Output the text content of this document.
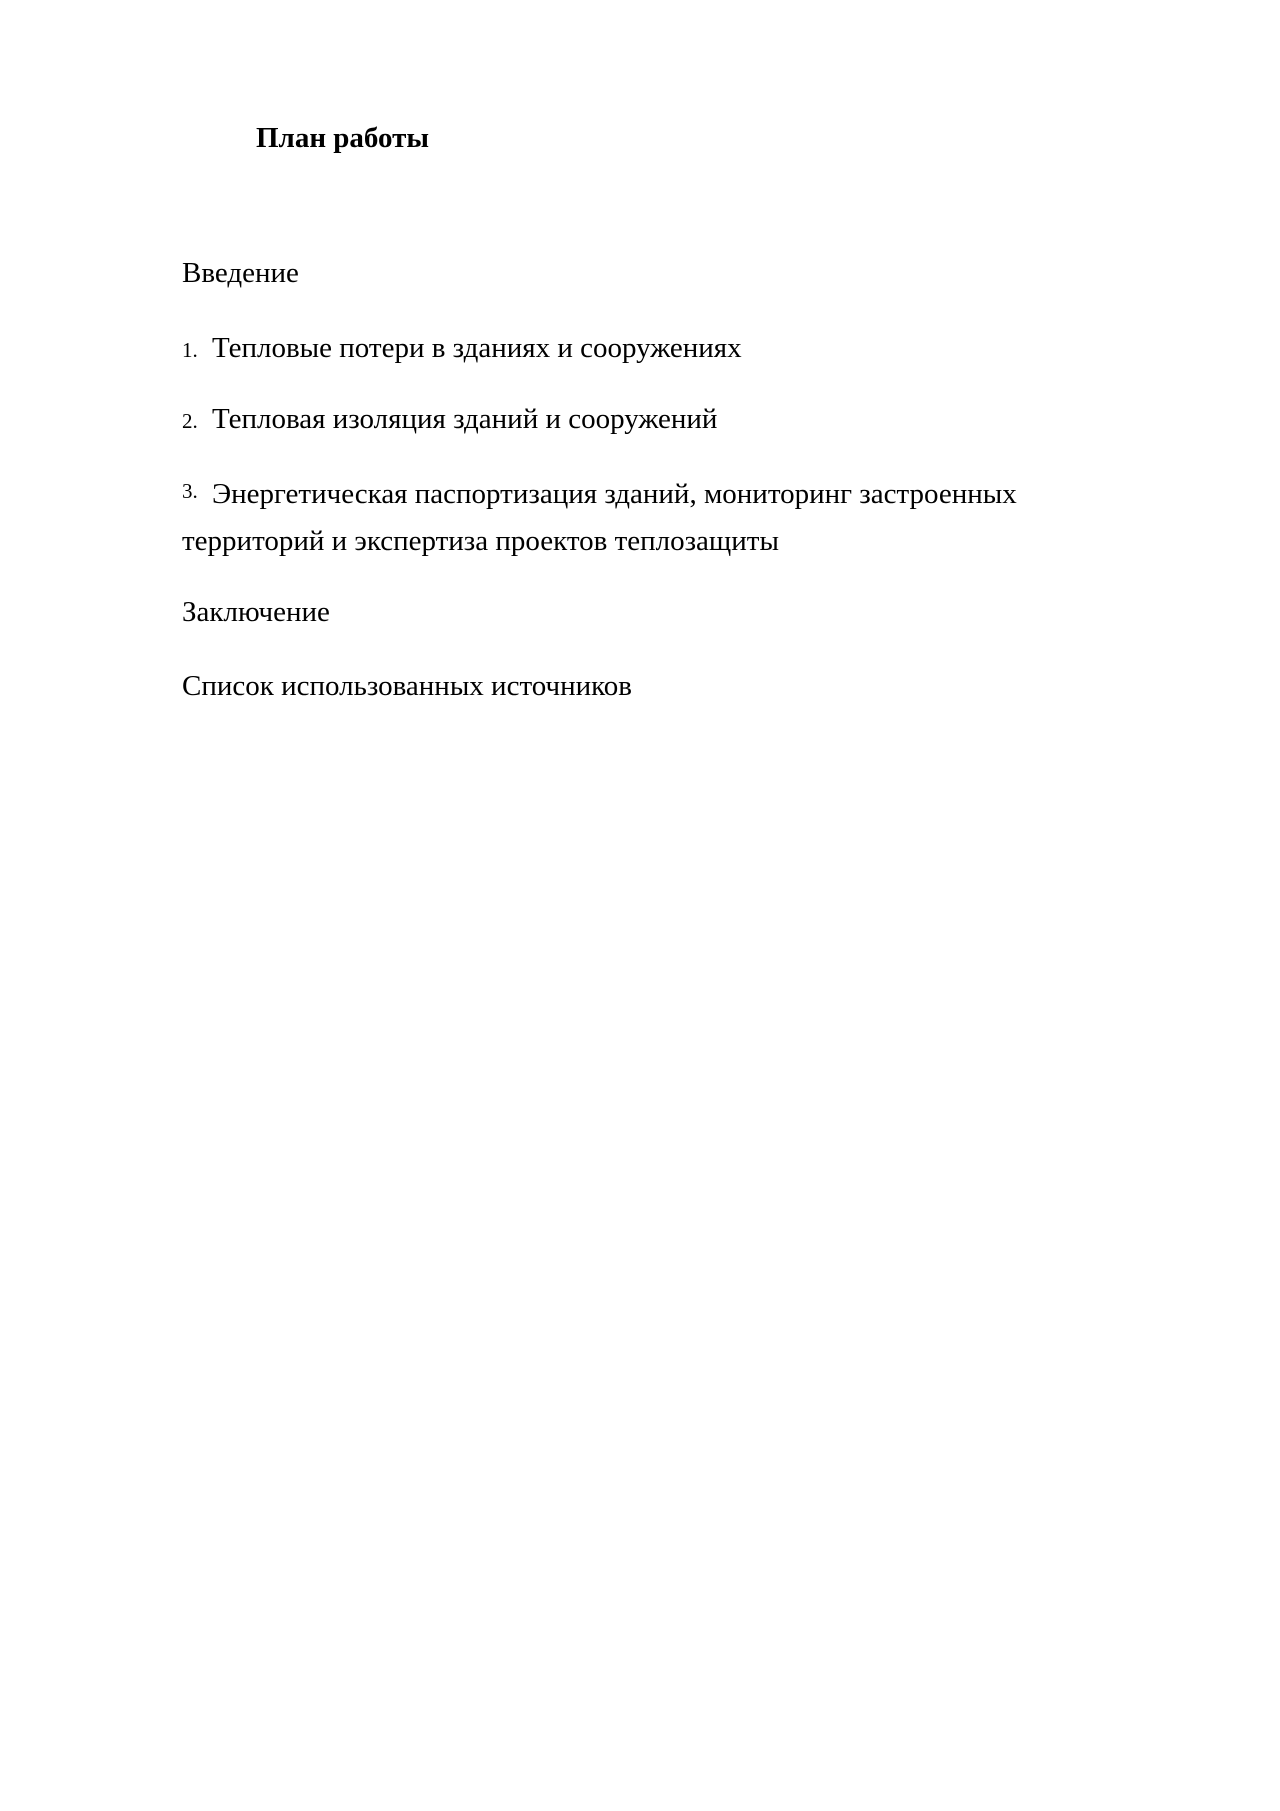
План работы
Введение
1. Тепловые потери в зданиях и сооружениях
2. Тепловая изоляция зданий и сооружений
3. Энергетическая паспортизация зданий, мониторинг застроенных
территорий и экспертиза проектов теплозащиты
Заключение
Список использованных источников
